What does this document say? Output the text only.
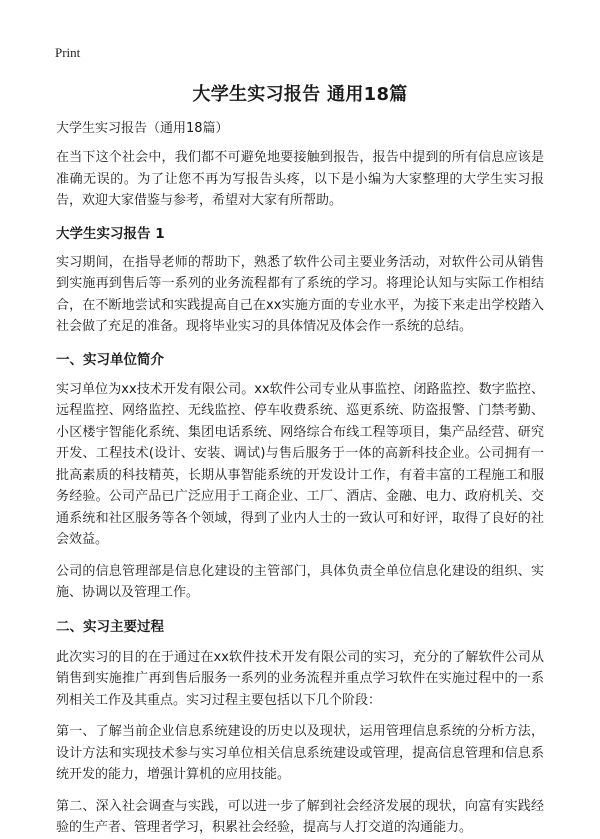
Print
大学生实习报告 通用18篇
大学生实习报告（通用18篇）

在当下这个社会中，我们都不可避免地要接触到报告，报告中提到的所有信息应该是准确无误的。为了让您不再为写报告头疼，以下是小编为大家整理的大学生实习报告，欢迎大家借鉴与参考，希望对大家有所帮助。

大学生实习报告 1

实习期间，在指导老师的帮助下，熟悉了软件公司主要业务活动，对软件公司从销售到实施再到售后等一系列的业务流程都有了系统的学习。将理论认知与实际工作相结合，在不断地尝试和实践提高自己在xx实施方面的专业水平，为接下来走出学校踏入社会做了充足的准备。现将毕业实习的具体情况及体会作一系统的总结。

一、实习单位简介

实习单位为xx技术开发有限公司。xx软件公司专业从事监控、闭路监控、数字监控、远程监控、网络监控、无线监控、停车收费系统、巡更系统、防盗报警、门禁考勤、小区楼宇智能化系统、集团电话系统、网络综合布线工程等项目，集产品经营、研究开发、工程技术(设计、安装、调试)与售后服务于一体的高新科技企业。公司拥有一批高素质的科技精英，长期从事智能系统的开发设计工作，有着丰富的工程施工和服务经验。公司产品已广泛应用于工商企业、工厂、酒店、金融、电力、政府机关、交通系统和社区服务等各个领域，得到了业内人士的一致认可和好评，取得了良好的社会效益。

公司的信息管理部是信息化建设的主管部门，具体负责全单位信息化建设的组织、实施、协调以及管理工作。

二、实习主要过程

此次实习的目的在于通过在xx软件技术开发有限公司的实习，充分的了解软件公司从销售到实施推广再到售后服务一系列的业务流程并重点学习软件在实施过程中的一系列相关工作及其重点。实习过程主要包括以下几个阶段：

第一、了解当前企业信息系统建设的历史以及现状，运用管理信息系统的分析方法，设计方法和实现技术参与实习单位相关信息系统建设或管理，提高信息管理和信息系统开发的能力，增强计算机的应用技能。

第二、深入社会调查与实践，可以进一步了解到社会经济发展的现状，向富有实践经验的生产者、管理者学习，积累社会经验，提高与人打交道的沟通能力。
